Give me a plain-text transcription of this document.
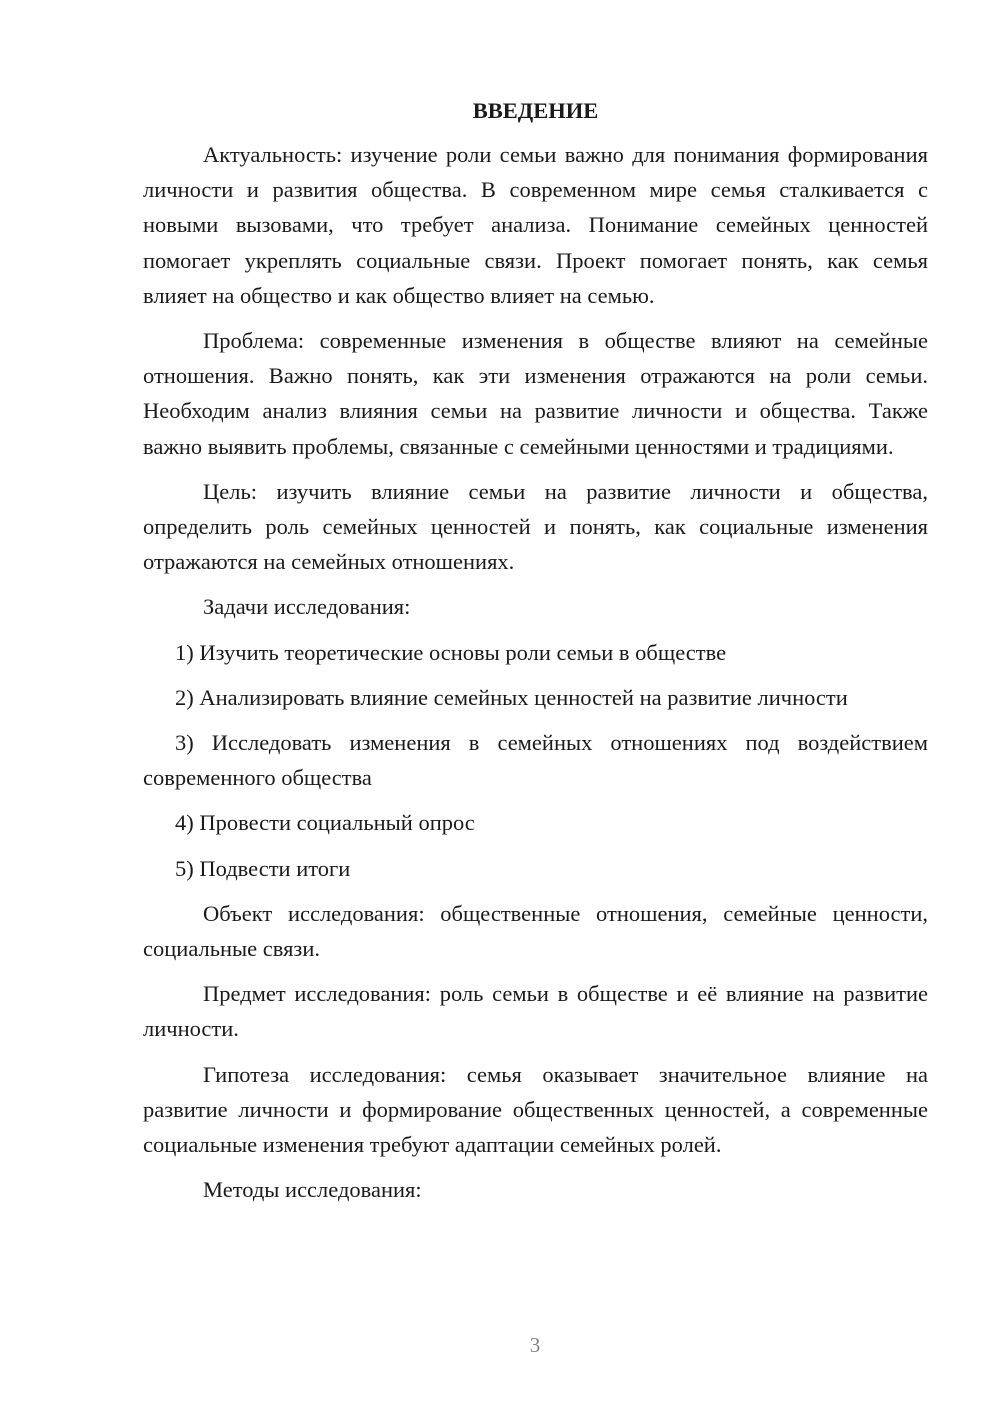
ВВЕДЕНИЕ

Актуальность: изучение роли семьи важно для понимания формирования личности и развития общества. В современном мире семья сталкивается с новыми вызовами, что требует анализа. Понимание семейных ценностей помогает укреплять социальные связи. Проект помогает понять, как семья влияет на общество и как общество влияет на семью.

Проблема: современные изменения в обществе влияют на семейные отношения. Важно понять, как эти изменения отражаются на роли семьи. Необходим анализ влияния семьи на развитие личности и общества. Также важно выявить проблемы, связанные с семейными ценностями и традициями.

Цель: изучить влияние семьи на развитие личности и общества, определить роль семейных ценностей и понять, как социальные изменения отражаются на семейных отношениях.

Задачи исследования:

1) Изучить теоретические основы роли семьи в обществе

2) Анализировать влияние семейных ценностей на развитие личности

3) Исследовать изменения в семейных отношениях под воздействием современного общества

4) Провести социальный опрос

5) Подвести итоги

Объект исследования: общественные отношения, семейные ценности, социальные связи.

Предмет исследования: роль семьи в обществе и её влияние на развитие личности.

Гипотеза исследования: семья оказывает значительное влияние на развитие личности и формирование общественных ценностей, а современные социальные изменения требуют адаптации семейных ролей.

Методы исследования:

3
